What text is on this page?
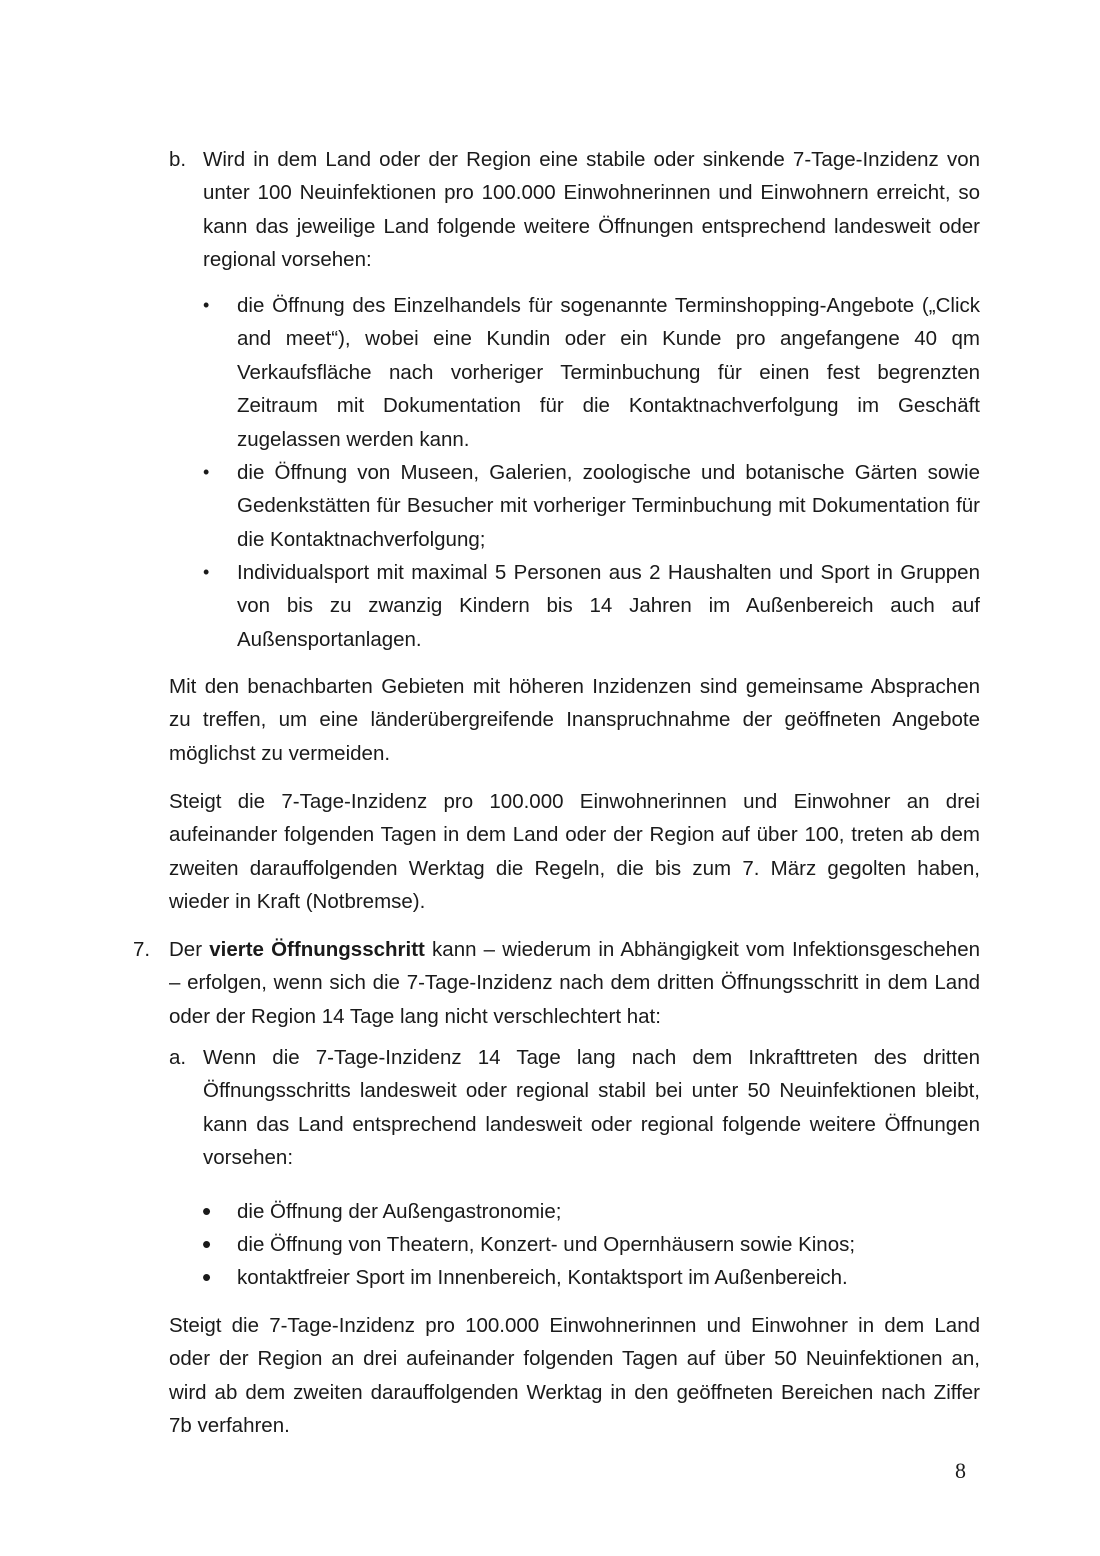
b. Wird in dem Land oder der Region eine stabile oder sinkende 7-Tage-Inzidenz von unter 100 Neuinfektionen pro 100.000 Einwohnerinnen und Einwohnern erreicht, so kann das jeweilige Land folgende weitere Öffnungen entsprechend landesweit oder regional vorsehen:

• die Öffnung des Einzelhandels für sogenannte Terminshopping-Angebote („Click and meet“), wobei eine Kundin oder ein Kunde pro angefangene 40 qm Verkaufsfläche nach vorheriger Terminbuchung für einen fest begrenzten Zeitraum mit Dokumentation für die Kontaktnachverfolgung im Geschäft zugelassen werden kann.

• die Öffnung von Museen, Galerien, zoologische und botanische Gärten sowie Gedenkstätten für Besucher mit vorheriger Terminbuchung mit Dokumentation für die Kontaktnachverfolgung;

• Individualsport mit maximal 5 Personen aus 2 Haushalten und Sport in Gruppen von bis zu zwanzig Kindern bis 14 Jahren im Außenbereich auch auf Außensportanlagen.

Mit den benachbarten Gebieten mit höheren Inzidenzen sind gemeinsame Absprachen zu treffen, um eine länderübergreifende Inanspruchnahme der geöffneten Angebote möglichst zu vermeiden.

Steigt die 7-Tage-Inzidenz pro 100.000 Einwohnerinnen und Einwohner an drei aufeinander folgenden Tagen in dem Land oder der Region auf über 100, treten ab dem zweiten darauffolgenden Werktag die Regeln, die bis zum 7. März gegolten haben, wieder in Kraft (Notbremse).

7. Der vierte Öffnungsschritt kann – wiederum in Abhängigkeit vom Infektionsgeschehen – erfolgen, wenn sich die 7-Tage-Inzidenz nach dem dritten Öffnungsschritt in dem Land oder der Region 14 Tage lang nicht verschlechtert hat:

a. Wenn die 7-Tage-Inzidenz 14 Tage lang nach dem Inkrafttreten des dritten Öffnungsschritts landesweit oder regional stabil bei unter 50 Neuinfektionen bleibt, kann das Land entsprechend landesweit oder regional folgende weitere Öffnungen vorsehen:

• die Öffnung der Außengastronomie;

• die Öffnung von Theatern, Konzert- und Opernhäusern sowie Kinos;

• kontaktfreier Sport im Innenbereich, Kontaktsport im Außenbereich.

Steigt die 7-Tage-Inzidenz pro 100.000 Einwohnerinnen und Einwohner in dem Land oder der Region an drei aufeinander folgenden Tagen auf über 50 Neuinfektionen an, wird ab dem zweiten darauffolgenden Werktag in den geöffneten Bereichen nach Ziffer 7b verfahren.

8
